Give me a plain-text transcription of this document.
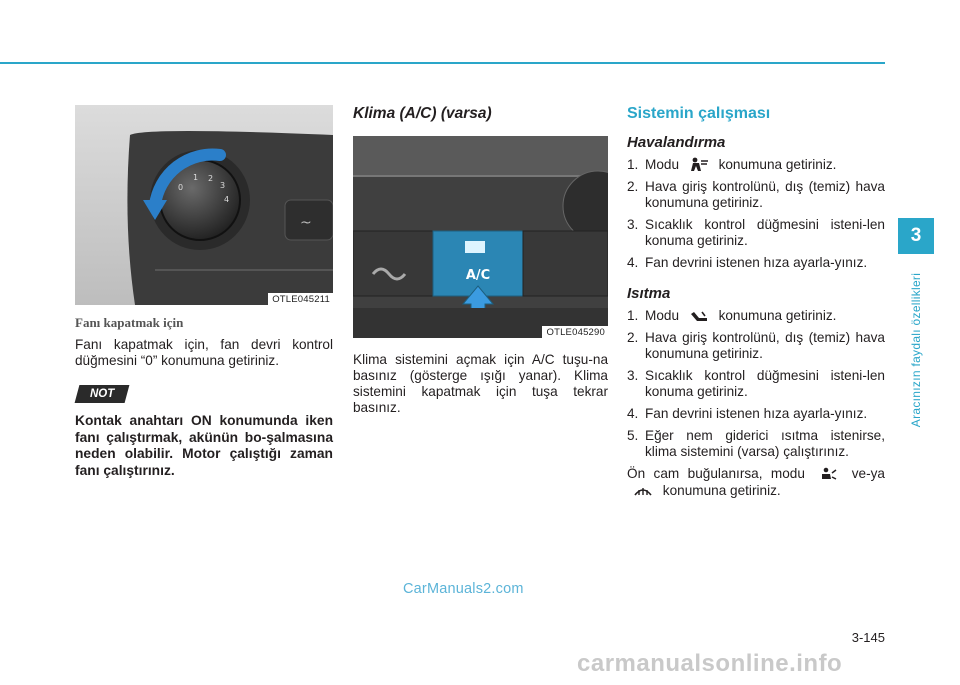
~
0
1 2
3
4
OTLE045211
Fanı kapatmak için

Fanı kapatmak için, fan devri kontrol düğmesini “0” konumuna getiriniz.

NOT

Kontak anahtarı ON konumunda iken fanı çalıştırmak, akünün bo-şalmasına neden olabilir. Motor çalıştığı zaman fanı çalıştırınız.

Klima (A/C) (varsa)
A/C
OTLE045290

Klima sistemini açmak için A/C tuşu-na basınız (gösterge ışığı yanar). Klima sistemini kapatmak için tuşa tekrar basınız.

Sistemin çalışması
Havalandırma
1. Modu	konumuna getiriniz.
2. Hava giriş kontrolünü, dış (temiz) hava konumuna getiriniz.
3. Sıcaklık kontrol düğmesini isteni-len konuma getiriniz.
4. Fan devrini istenen hıza ayarla-yınız.
Isıtma
1. Modu	konumuna getiriniz.
2. Hava giriş kontrolünü, dış (temiz) hava konumuna getiriniz.
3. Sıcaklık kontrol düğmesini isteni-len konuma getiriniz.
4. Fan devrini istenen hıza ayarla-yınız.
5. Eğer nem giderici ısıtma istenirse, klima sistemini (varsa) çalıştırınız.

Ön cam buğulanırsa, modu	ve-ya  konumuna getiriniz.

3
Aracınızın faydalı özellikleri
CarManuals2.com
3-145
carmanualsonline.info
